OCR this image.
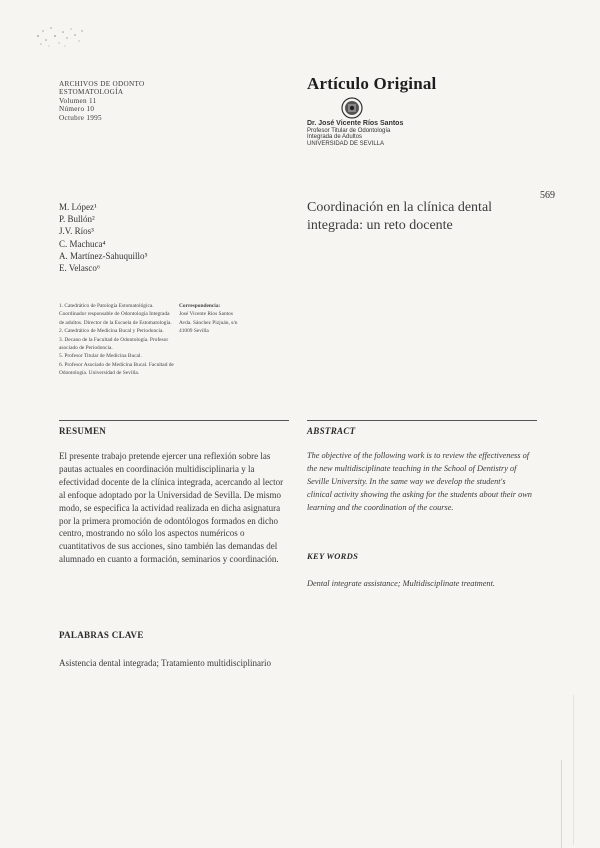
ARCHIVOS DE ODONTO
ESTOMATOLOGÍA
Volumen 11
Número 10
Octubre 1995
Artículo Original
Dr. José Vicente Ríos Santos
Profesor Titular de Odontología
Integrada de Adultos
UNIVERSIDAD DE SEVILLA
569
M. López¹
P. Bullón²
J.V. Ríos³
C. Machuca⁴
A. Martínez-Sahuquillo⁵
E. Velasco⁶
Coordinación en la clínica dental integrada: un reto docente
1. Catedrático de Patología Estomatológica. Coordinador responsable de Odontología Integrada de adultos. Director de la Escuela de Estomatología.
2. Catedrático de Medicina Bucal y Periodoncia.
3. Decano de la Facultad de Odontología. Profesor asociado de Periodoncia.
5. Profesor Titular de Medicina Bucal.
6. Profesor Asociado de Medicina Bucal. Facultad de Odontología. Universidad de Sevilla.
Correspondencia:
José Vicente Ríos Santos
Avda. Sánchez Pizjuán, s/n
41009 Sevilla
RESUMEN
El presente trabajo pretende ejercer una reflexión sobre las pautas actuales en coordinación multidisciplinaria y la efectividad docente de la clínica integrada, acercando al lector al enfoque adoptado por la Universidad de Sevilla. De mismo modo, se especifica la actividad realizada en dicha asignatura por la primera promoción de odontólogos formados en dicho centro, mostrando no sólo los aspectos numéricos o cuantitativos de sus acciones, sino también las demandas del alumnado en cuanto a formación, seminarios y coordinación.
ABSTRACT
The objective of the following work is to review the effectiveness of the new multidisciplinate teaching in the School of Dentistry of Seville University. In the same way we develop the student's clinical activity showing the asking for the students about their own learning and the coordination of the course.
KEY WORDS
Dental integrate assistance; Multidisciplinate treatment.
PALABRAS CLAVE
Asistencia dental integrada; Tratamiento multidisciplinario
